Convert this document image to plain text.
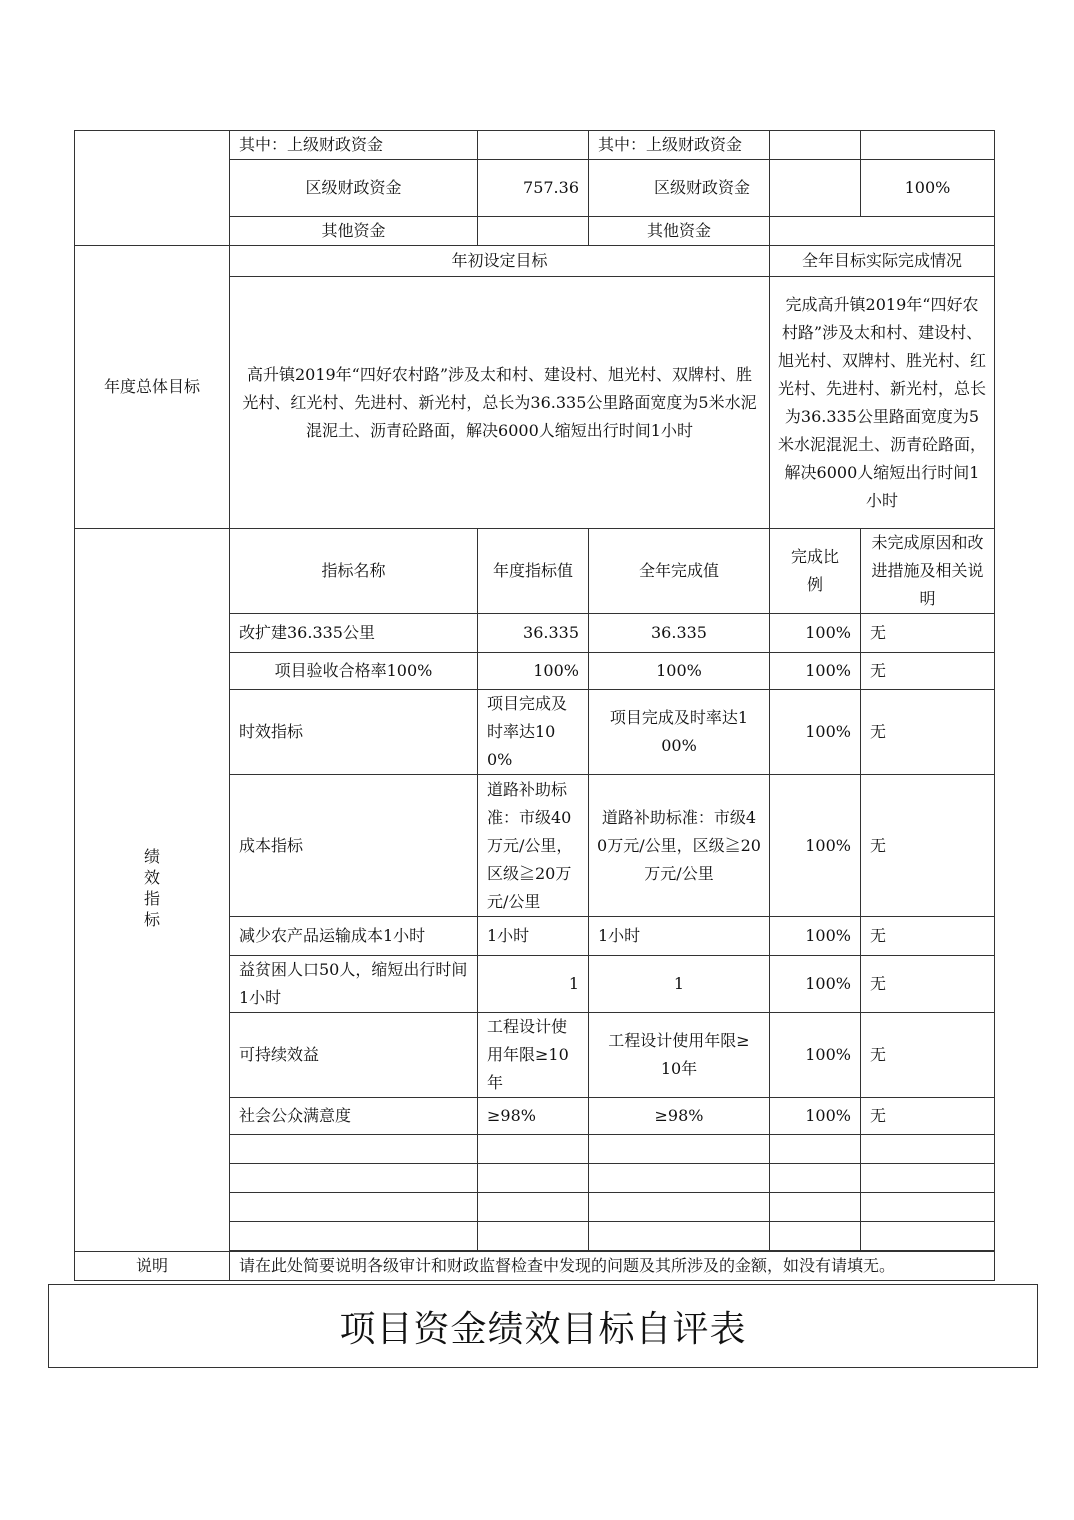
	其中：上级财政资金		其中：上级财政资金		
	区级财政资金	757.36	区级财政资金		100%
	其他资金		其他资金		
年度总体目标	年初设定目标			全年目标实际完成情况	
	高升镇2019年“四好农村路”涉及太和村、建设村、旭光村、双牌村、胜光村、红光村、先进村、新光村，总长为36.335公里路面宽度为5米水泥混泥土、沥青砼路面，解决6000人缩短出行时间1小时			完成高升镇2019年“四好农村路”涉及太和村、建设村、旭光村、双牌村、胜光村、红光村、先进村、新光村，总长为36.335公里路面宽度为5米水泥混泥土、沥青砼路面，解决6000人缩短出行时间1小时	
绩效指标	指标名称	年度指标值	全年完成值	完成比例	未完成原因和改进措施及相关说明
	改扩建36.335公里	36.335	36.335	100%	无
	项目验收合格率100%	100%	100%	100%	无
	时效指标	项目完成及时率达100%	项目完成及时率达100%	100%	无
	成本指标	道路补助标准：市级40万元/公里，区级≧20万元/公里	道路补助标准：市级40万元/公里，区级≧20万元/公里	100%	无
	减少农产品运输成本1小时	1小时	1小时	100%	无
	益贫困人口50人，缩短出行时间1小时	1	1	100%	无
	可持续效益	工程设计使用年限≥10年	工程设计使用年限≥10年	100%	无
	社会公众满意度	≥98%	≥98%	100%	无

说明	请在此处简要说明各级审计和财政监督检查中发现的问题及其所涉及的金额，如没有请填无。				
项目资金绩效目标自评表
